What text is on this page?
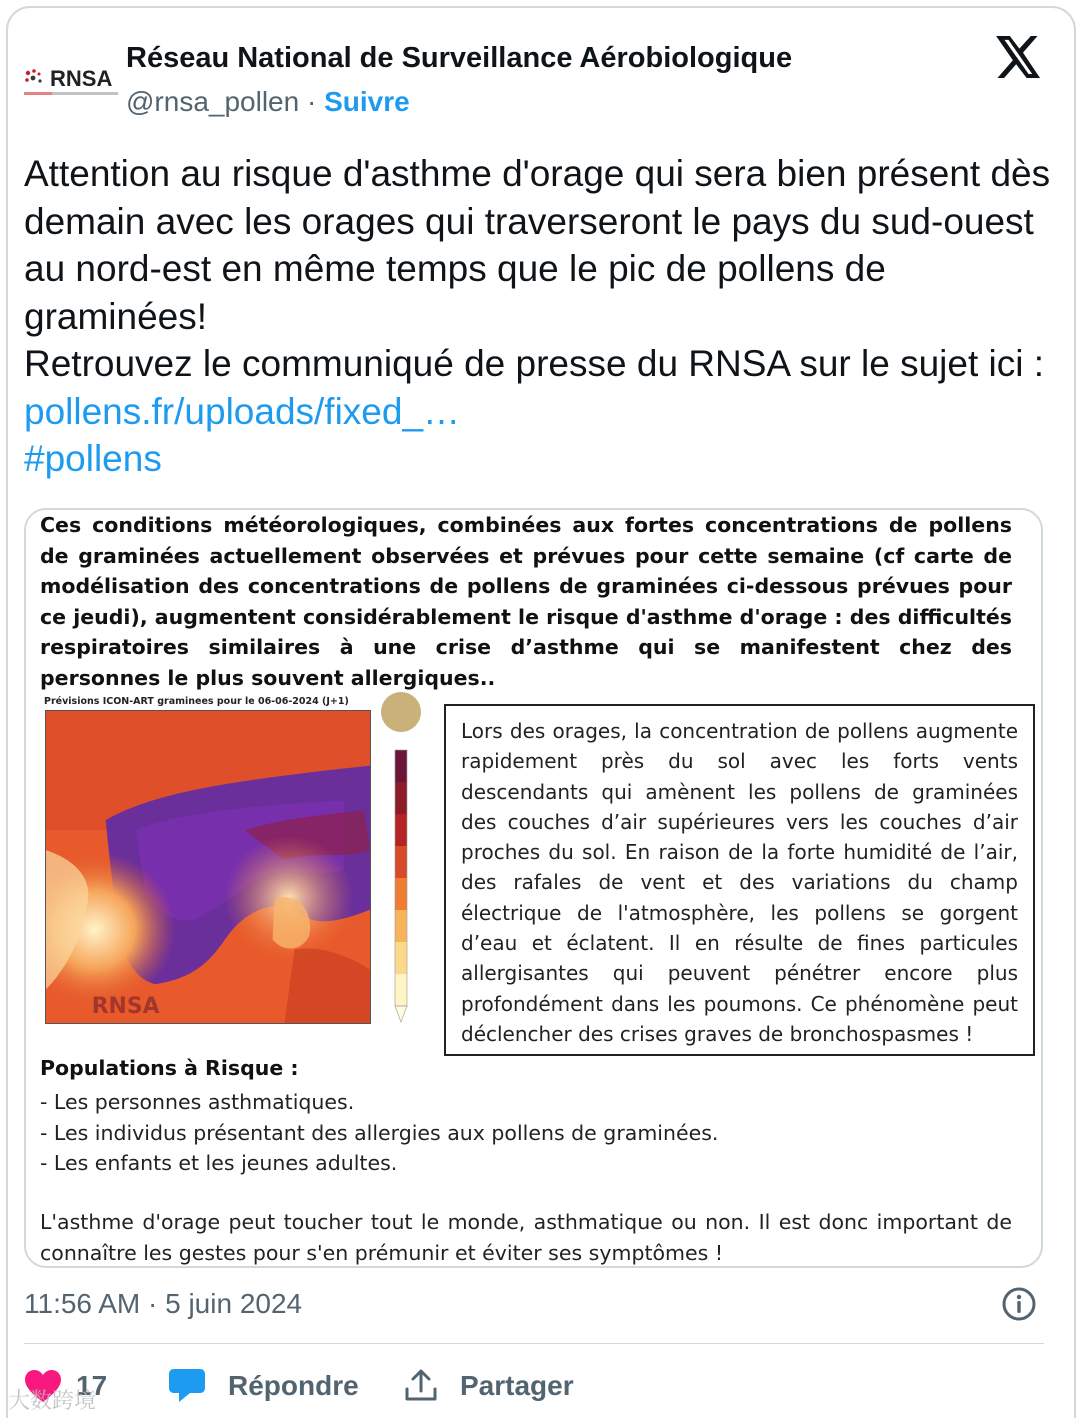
RNSA
Réseau National de Surveillance Aérobiologique
@rnsa_pollen · Suivre
Attention au risque d'asthme d'orage qui sera bien présent dès demain avec les orages qui traverseront le pays du sud-ouest au nord-est en même temps que le pic de pollens de graminées!
Retrouvez le communiqué de presse du RNSA sur le sujet ici : pollens.fr/uploads/fixed_…
#pollens
Ces conditions météorologiques, combinées aux fortes concentrations de pollens de graminées actuellement observées et prévues pour cette semaine (cf carte de modélisation des concentrations de pollens de graminées ci-dessous prévues pour ce jeudi), augmentent considérablement le risque d'asthme d'orage : des difficultés respiratoires similaires à une crise d’asthme qui se manifestent chez des personnes le plus souvent allergiques..
Prévisions ICON-ART graminees pour le 06-06-2024 (J+1)
RNSA
Lors des orages, la concentration de pollens augmente rapidement près du sol avec les forts vents descendants qui amènent les pollens de graminées des couches d’air supérieures vers les couches d’air proches du sol. En raison de la forte humidité de l’air, des rafales de vent et des variations du champ électrique de l'atmosphère, les pollens se gorgent d’eau et éclatent. Il en résulte de fines particules allergisantes qui peuvent pénétrer encore plus profondément dans les poumons. Ce phénomène peut déclencher des crises graves de bronchospasmes !
Populations à Risque :
- Les personnes asthmatiques.
- Les individus présentant des allergies aux pollens de graminées.
- Les enfants et les jeunes adultes.
L'asthme d'orage peut toucher tout le monde, asthmatique ou non. Il est donc important de connaître les gestes pour s'en prémunir et éviter ses symptômes !
11:56 AM · 5 juin 2024
17	Répondre	Partager
大数跨境
